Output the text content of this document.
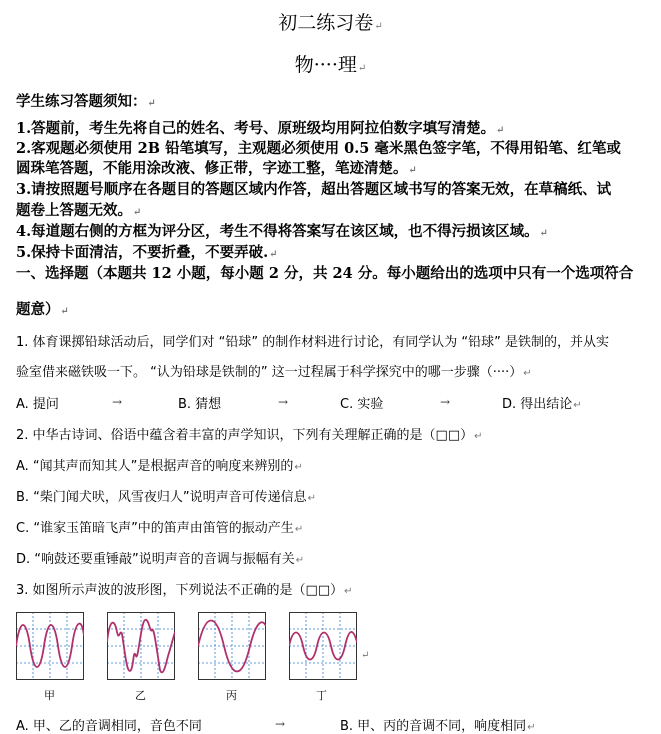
初二练习卷↵
物····理↵
学生练习答题须知：↵
1.答题前，考生先将自己的姓名、考号、原班级均用阿拉伯数字填写清楚。↵
2.客观题必须使用 2B 铅笔填写，主观题必须使用 0.5 毫米黑色签字笔，不得用铅笔、红笔或
圆珠笔答题，不能用涂改液、修正带，字迹工整，笔迹清楚。↵
3.请按照题号顺序在各题目的答题区域内作答，超出答题区域书写的答案无效，在草稿纸、试
题卷上答题无效。↵
4.每道题右侧的方框为评分区，考生不得将答案写在该区域，也不得污损该区域。↵
5.保持卡面清洁，不要折叠，不要弄破.↵
一、选择题（本题共 12 小题，每小题 2 分，共 24 分。每小题给出的选项中只有一个选项符合
题意）↵
1. 体育课掷铅球活动后，同学们对 “铅球” 的制作材料进行讨论，有同学认为 “铅球” 是铁制的，并从实
验室借来磁铁吸一下。 “认为铅球是铁制的” 这一过程属于科学探究中的哪一步骤（····）↵
A. 提问	→	B. 猜想	→	C. 实验	→	D. 得出结论↵
2. 中华古诗词、俗语中蕴含着丰富的声学知识，下列有关理解正确的是（□□）↵
A. “闻其声而知其人”是根据声音的响度来辨别的↵
B. “柴门闻犬吠，风雪夜归人”说明声音可传递信息↵
C. “谁家玉笛暗飞声”中的笛声由笛管的振动产生↵
D. “响鼓还要重锤敲”说明声音的音调与振幅有关↵
3. 如图所示声波的波形图，下列说法不正确的是（□□）↵
甲	乙	丙	丁
↵
A. 甲、乙的音调相同，音色不同	→	B. 甲、丙的音调不同，响度相同↵
